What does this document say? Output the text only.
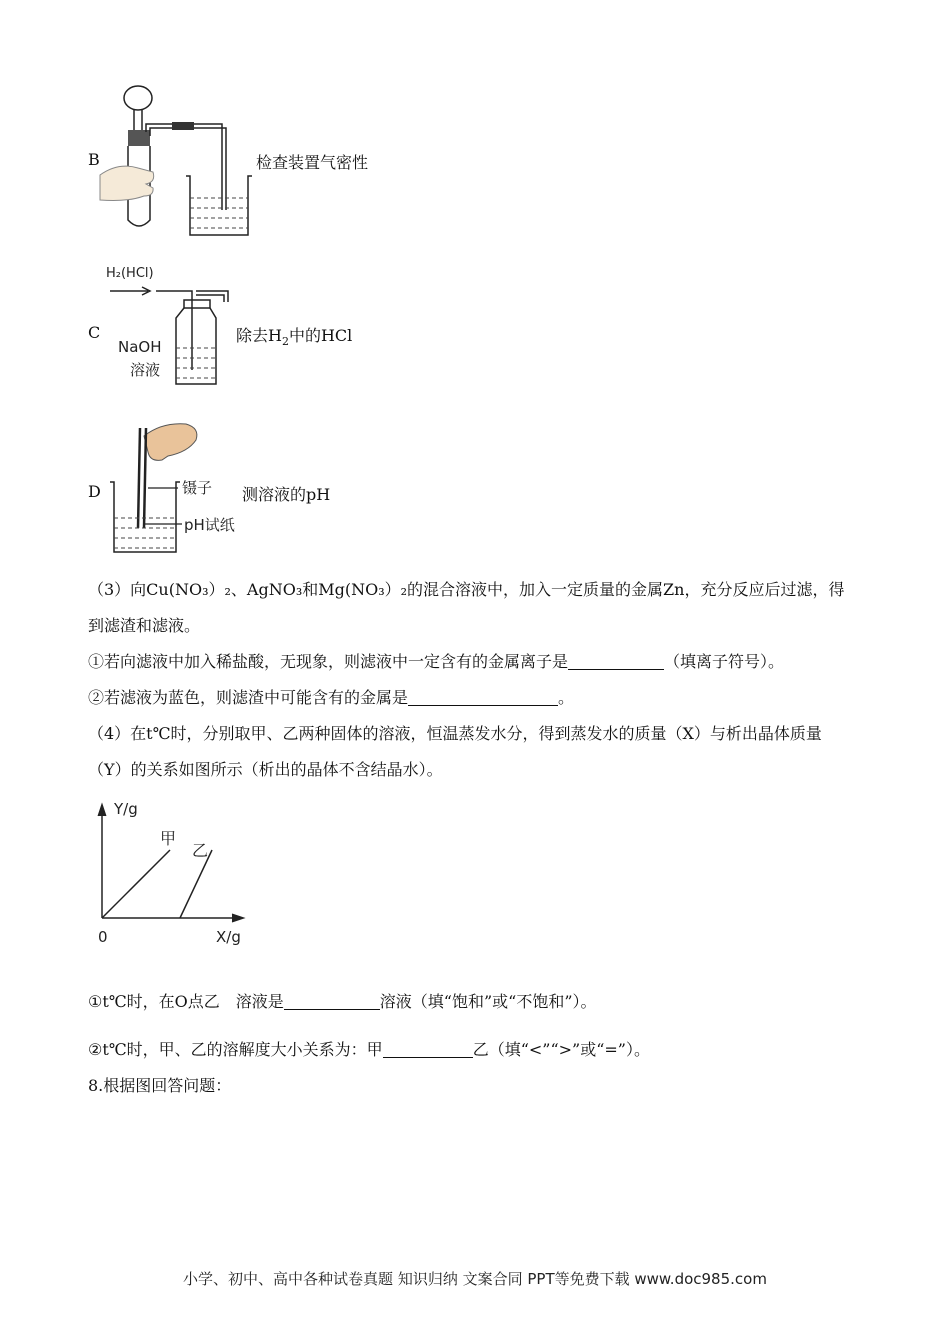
B	检查装置气密性
C
H₂(HCl)
NaOH
溶液
除去$H_2$中的HCl
D	镊子
pH试纸
测溶液的pH
（3）向Cu(NO₃）₂、AgNO₃和Mg(NO₃）₂的混合溶液中，加入一定质量的金属Zn，充分反应后过滤，得
到滤渣和滤液。
①若向滤液中加入稀盐酸，无现象，则滤液中一定含有的金属离子是	（填离子符号）。
②若滤液为蓝色，则滤渣中可能含有的金属是	。
（4）在t℃时，分别取甲、乙两种固体的溶液，恒温蒸发水分，得到蒸发水的质量（X）与析出晶体质量
（Y）的关系如图所示（析出的晶体不含结晶水）。
Y/g
X/g
0
甲
乙
①t℃时，在O点乙　溶液是	溶液（填“饱和”或“不饱和”）。
②t℃时，甲、乙的溶解度大小关系为：甲	乙（填“<”“>”或“=”）。
8.根据图回答问题：
小学、初中、高中各种试卷真题 知识归纳 文案合同 PPT等免费下载 www.doc985.com
